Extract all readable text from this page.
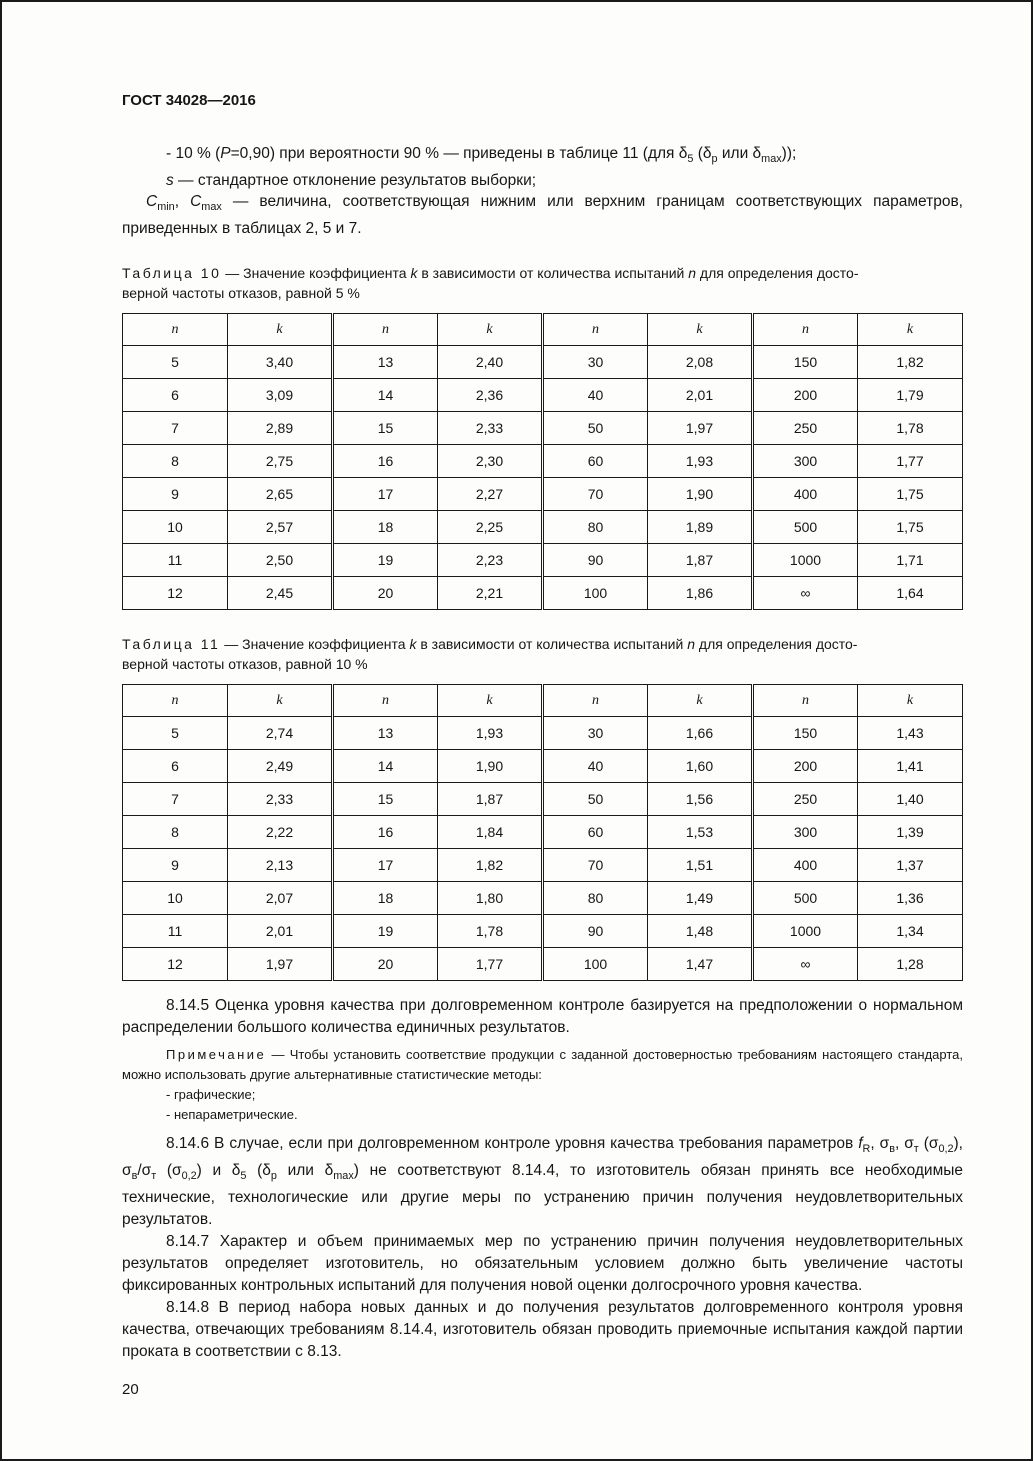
ГОСТ 34028—2016

- 10 % (P=0,90) при вероятности 90 % — приведены в таблице 11 (для $\delta_5$ ($\delta_р$ или $\delta_{max}$));

s — стандартное отклонение результатов выборки;

$C_{min}$, $C_{max}$ — величина, соответствующая нижним или верхним границам соответствующих параметров, приведенных в таблицах 2, 5 и 7.

Таблица 10 — Значение коэффициента k в зависимости от количества испытаний n для определения досто-
верной частоты отказов, равной 5 %

n	k	n	k	n	k	n	k
5	3,40	13	2,40	30	2,08	150	1,82
6	3,09	14	2,36	40	2,01	200	1,79
7	2,89	15	2,33	50	1,97	250	1,78
8	2,75	16	2,30	60	1,93	300	1,77
9	2,65	17	2,27	70	1,90	400	1,75
10	2,57	18	2,25	80	1,89	500	1,75
11	2,50	19	2,23	90	1,87	1000	1,71
12	2,45	20	2,21	100	1,86	∞	1,64

Таблица 11 — Значение коэффициента k в зависимости от количества испытаний n для определения досто-
верной частоты отказов, равной 10 %

n	k	n	k	n	k	n	k
5	2,74	13	1,93	30	1,66	150	1,43
6	2,49	14	1,90	40	1,60	200	1,41
7	2,33	15	1,87	50	1,56	250	1,40
8	2,22	16	1,84	60	1,53	300	1,39
9	2,13	17	1,82	70	1,51	400	1,37
10	2,07	18	1,80	80	1,49	500	1,36
11	2,01	19	1,78	90	1,48	1000	1,34
12	1,97	20	1,77	100	1,47	∞	1,28

8.14.5 Оценка уровня качества при долговременном контроле базируется на предположении о нормальном распределении большого количества единичных результатов.

Примечание — Чтобы установить соответствие продукции с заданной достоверностью требованиям настоящего стандарта, можно использовать другие альтернативные статистические методы:

- графические;

- непараметрические.

8.14.6 В случае, если при долговременном контроле уровня качества требования параметров $f_R$, $\sigma_в$, $\sigma_т$ $(\sigma_{0,2})$, $\sigma_в/\sigma_т$ $(\sigma_{0,2})$ и $\delta_5$ ($\delta_р$ или $\delta_{max}$) не соответствуют 8.14.4, то изготовитель обязан принять все необходимые технические, технологические или другие меры по устранению причин получения неудовлетворительных результатов.

8.14.7 Характер и объем принимаемых мер по устранению причин получения неудовлетворительных результатов определяет изготовитель, но обязательным условием должно быть увеличение частоты фиксированных контрольных испытаний для получения новой оценки долгосрочного уровня качества.

8.14.8 В период набора новых данных и до получения результатов долговременного контроля уровня качества, отвечающих требованиям 8.14.4, изготовитель обязан проводить приемочные испытания каждой партии проката в соответствии с 8.13.

20
